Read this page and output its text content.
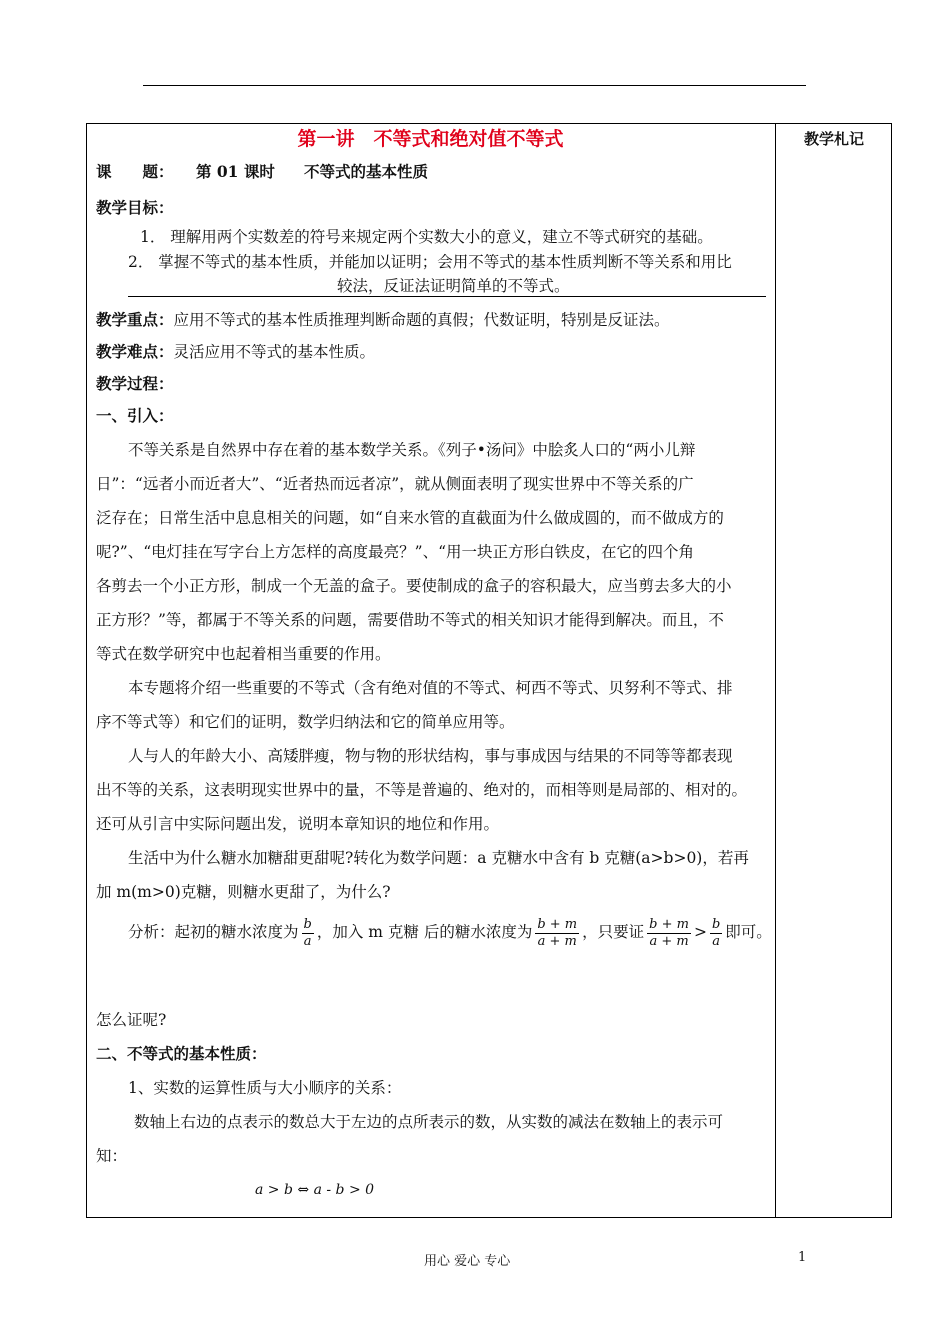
教学札记
第一讲　不等式和绝对值不等式
课　　题： 第 01 课时 不等式的基本性质
教学目标：
1． 理解用两个实数差的符号来规定两个实数大小的意义，建立不等式研究的基础。
2． 掌握不等式的基本性质，并能加以证明；会用不等式的基本性质判断不等关系和用比
较法，反证法证明简单的不等式。
教学重点：应用不等式的基本性质推理判断命题的真假；代数证明，特别是反证法。
教学难点：灵活应用不等式的基本性质。
教学过程：
一、引入：
不等关系是自然界中存在着的基本数学关系。《列子•汤问》中脍炙人口的“两小儿辩
日”：“远者小而近者大”、“近者热而远者凉”，就从侧面表明了现实世界中不等关系的广
泛存在；日常生活中息息相关的问题，如“自来水管的直截面为什么做成圆的，而不做成方的
呢?”、“电灯挂在写字台上方怎样的高度最亮？”、“用一块正方形白铁皮，在它的四个角
各剪去一个小正方形，制成一个无盖的盒子。要使制成的盒子的容积最大，应当剪去多大的小
正方形？”等，都属于不等关系的问题，需要借助不等式的相关知识才能得到解决。而且，不
等式在数学研究中也起着相当重要的作用。
本专题将介绍一些重要的不等式（含有绝对值的不等式、柯西不等式、贝努利不等式、排
序不等式等）和它们的证明，数学归纳法和它的简单应用等。
人与人的年龄大小、高矮胖瘦，物与物的形状结构，事与事成因与结果的不同等等都表现
出不等的关系，这表明现实世界中的量，不等是普遍的、绝对的，而相等则是局部的、相对的。
还可从引言中实际问题出发，说明本章知识的地位和作用。
生活中为什么糖水加糖甜更甜呢?转化为数学问题：a 克糖水中含有 b 克糖(a>b>0)，若再
加 m(m>0)克糖，则糖水更甜了，为什么?
分析：起初的糖水浓度为 $\frac{b}{a}$ ，加入 m 克糖 后的糖水浓度为 $\frac{b + m}{a + m}$ ，只要证 $\frac{b + m}{a + m} > \frac{b}{a}$ 即可。
怎么证呢?
二、不等式的基本性质：
1、实数的运算性质与大小顺序的关系：
数轴上右边的点表示的数总大于左边的点所表示的数，从实数的减法在数轴上的表示可
知：
a > b ⇔ a - b > 0
用心 爱心 专心	1
